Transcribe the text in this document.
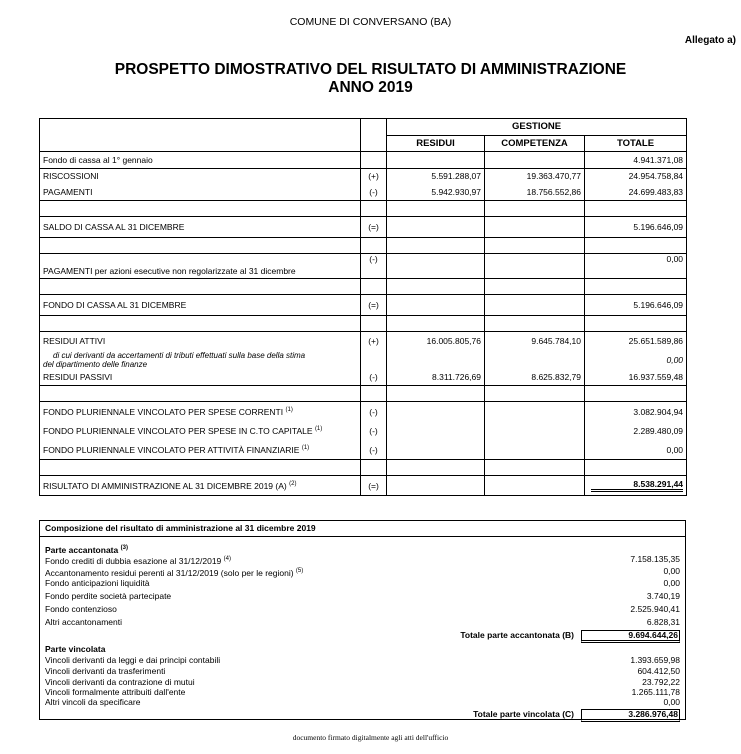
COMUNE DI CONVERSANO (BA)
Allegato a)
PROSPETTO DIMOSTRATIVO DEL RISULTATO DI AMMINISTRAZIONE
ANNO 2019
		GESTIONE		
		RESIDUI	COMPETENZA	TOTALE
Fondo di cassa al 1° gennaio				4.941.371,08
RISCOSSIONI	(+)	5.591.288,07	19.363.470,77	24.954.758,84
PAGAMENTI	(-)	5.942.930,97	18.756.552,86	24.699.483,83

SALDO DI CASSA AL 31 DICEMBRE	(=)			5.196.646,09

PAGAMENTI per azioni esecutive non regolarizzate al 31 dicembre	(-)			0,00

FONDO DI CASSA AL 31 DICEMBRE	(=)			5.196.646,09

RESIDUI ATTIVI	(+)	16.005.805,76	9.645.784,10	25.651.589,86

di cui derivanti da accertamenti di tributi effettuati sulla base della stima
del dipartimento delle finanze				0,00
RESIDUI PASSIVI	(-)	8.311.726,69	8.625.832,79	16.937.559,48

FONDO PLURIENNALE VINCOLATO PER SPESE CORRENTI $^{(1)}$	(-)			3.082.904,94
FONDO PLURIENNALE VINCOLATO PER SPESE IN C.TO CAPITALE $^{(1)}$	(-)			2.289.480,09
FONDO PLURIENNALE VINCOLATO PER ATTIVITÀ FINANZIARIE $^{(1)}$	(-)			0,00

RISULTATO DI AMMINISTRAZIONE AL 31 DICEMBRE 2019 (A) $^{(2)}$	(=)			8.538.291,44
Composizione del risultato di amministrazione al 31 dicembre 2019
Parte accantonata $^{(3)}$
Fondo crediti di dubbia esazione al 31/12/2019 $^{(4)}$	7.158.135,35
Accantonamento residui perenti al 31/12/2019 (solo per le regioni) $^{(5)}$	0,00
Fondo anticipazioni liquidità	0,00
Fondo perdite società partecipate	3.740,19
Fondo contenzioso	2.525.940,41
Altri accantonamenti	6.828,31
Totale parte accantonata (B)	9.694.644,26
Parte vincolata
Vincoli derivanti da leggi e dai principi contabili	1.393.659,98
Vincoli derivanti da trasferimenti	604.412,50
Vincoli derivanti da contrazione di mutui	23.792,22
Vincoli formalmente attribuiti dall'ente	1.265.111,78
Altri vincoli da specificare	0,00
Totale parte vincolata (C)	3.286.976,48
documento firmato digitalmente agli atti dell'ufficio
